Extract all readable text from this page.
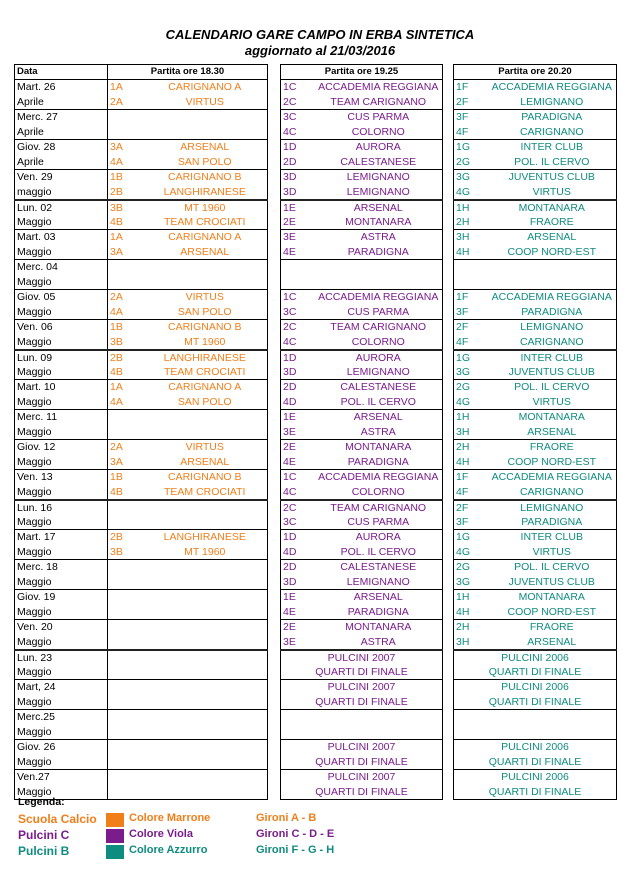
CALENDARIO GARE CAMPO IN ERBA SINTETICA
aggiornato al 21/03/2016
Data	Partita ore 18.30			Partita ore 19.25			Partita ore 20.20
Mart. 26	1A	CARIGNANO A		1C	ACCADEMIA REGGIANA		1F	ACCADEMIA REGGIANA
Aprile	2A	VIRTUS		2C	TEAM CARIGNANO		2F	LEMIGNANO
Merc. 27				3C	CUS PARMA		3F	PARADIGNA
Aprile				4C	COLORNO		4F	CARIGNANO
Giov. 28	3A	ARSENAL		1D	AURORA		1G	INTER CLUB
Aprile	4A	SAN POLO		2D	CALESTANESE		2G	POL. IL CERVO
Ven. 29	1B	CARIGNANO B		3D	LEMIGNANO		3G	JUVENTUS CLUB
maggio	2B	LANGHIRANESE		3D	LEMIGNANO		4G	VIRTUS
Lun. 02	3B	MT 1960		1E	ARSENAL		1H	MONTANARA
Maggio	4B	TEAM CROCIATI		2E	MONTANARA		2H	FRAORE
Mart. 03	1A	CARIGNANO A		3E	ASTRA		3H	ARSENAL
Maggio	3A	ARSENAL		4E	PARADIGNA		4H	COOP NORD-EST
Merc. 04								
Maggio								
Giov. 05	2A	VIRTUS		1C	ACCADEMIA REGGIANA		1F	ACCADEMIA REGGIANA
Maggio	4A	SAN POLO		3C	CUS PARMA		3F	PARADIGNA
Ven. 06	1B	CARIGNANO B		2C	TEAM CARIGNANO		2F	LEMIGNANO
Maggio	3B	MT 1960		4C	COLORNO		4F	CARIGNANO
Lun. 09	2B	LANGHIRANESE		1D	AURORA		1G	INTER CLUB
Maggio	4B	TEAM CROCIATI		3D	LEMIGNANO		3G	JUVENTUS CLUB
Mart. 10	1A	CARIGNANO A		2D	CALESTANESE		2G	POL. IL CERVO
Maggio	4A	SAN POLO		4D	POL. IL CERVO		4G	VIRTUS
Merc. 11				1E	ARSENAL		1H	MONTANARA
Maggio				3E	ASTRA		3H	ARSENAL
Giov. 12	2A	VIRTUS		2E	MONTANARA		2H	FRAORE
Maggio	3A	ARSENAL		4E	PARADIGNA		4H	COOP NORD-EST
Ven. 13	1B	CARIGNANO B		1C	ACCADEMIA REGGIANA		1F	ACCADEMIA REGGIANA
Maggio	4B	TEAM CROCIATI		4C	COLORNO		4F	CARIGNANO
Lun. 16				2C	TEAM CARIGNANO		2F	LEMIGNANO
Maggio				3C	CUS PARMA		3F	PARADIGNA
Mart. 17	2B	LANGHIRANESE		1D	AURORA		1G	INTER CLUB
Maggio	3B	MT 1960		4D	POL. IL CERVO		4G	VIRTUS
Merc. 18				2D	CALESTANESE		2G	POL. IL CERVO
Maggio				3D	LEMIGNANO		3G	JUVENTUS CLUB
Giov. 19				1E	ARSENAL		1H	MONTANARA
Maggio				4E	PARADIGNA		4H	COOP NORD-EST
Ven. 20				2E	MONTANARA		2H	FRAORE
Maggio				3E	ASTRA		3H	ARSENAL
Lun. 23				PULCINI 2007			PULCINI 2006	
Maggio				QUARTI DI FINALE			QUARTI DI FINALE	
Mart, 24				PULCINI 2007			PULCINI 2006	
Maggio				QUARTI DI FINALE			QUARTI DI FINALE	
Merc.25								
Maggio								
Giov. 26				PULCINI 2007			PULCINI 2006	
Maggio				QUARTI DI FINALE			QUARTI DI FINALE	
Ven.27				PULCINI 2007			PULCINI 2006	
Maggio				QUARTI DI FINALE			QUARTI DI FINALE	
Legenda:
Scuola Calcio	Colore Marrone	Gironi A - B
Pulcini C	Colore Viola	Gironi C - D - E
Pulcini B	Colore Azzurro	Gironi F - G - H
